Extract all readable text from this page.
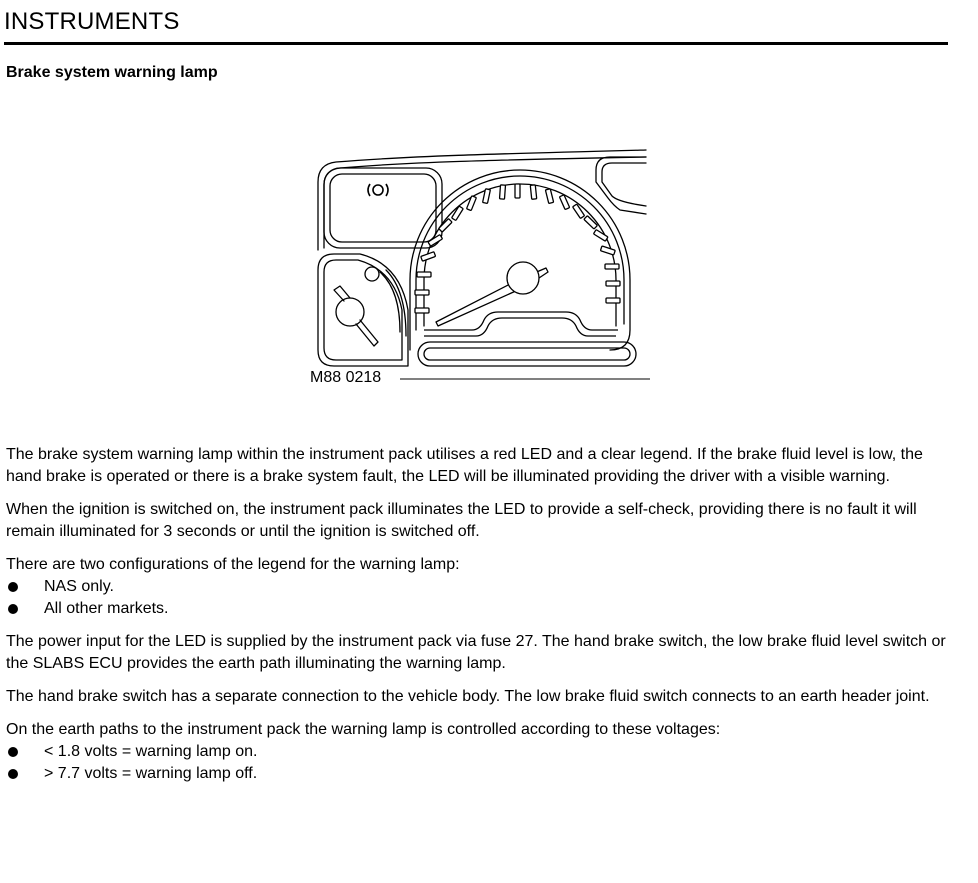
INSTRUMENTS
Brake system warning lamp
M88 0218

The brake system warning lamp within the instrument pack utilises a red LED and a clear legend. If the brake fluid level is low, the hand brake is operated or there is a brake system fault, the LED will be illuminated providing the driver with a visible warning.

When the ignition is switched on, the instrument pack illuminates the LED to provide a self-check, providing there is no fault it will remain illuminated for 3 seconds or until the ignition is switched off.

There are two configurations of the legend for the warning lamp:

NAS only.
All other markets.

The power input for the LED is supplied by the instrument pack via fuse 27. The hand brake switch, the low brake fluid level switch or the SLABS ECU provides the earth path illuminating the warning lamp.

The hand brake switch has a separate connection to the vehicle body. The low brake fluid switch connects to an earth header joint.

On the earth paths to the instrument pack the warning lamp is controlled according to these voltages:

< 1.8 volts = warning lamp on.
> 7.7 volts = warning lamp off.
